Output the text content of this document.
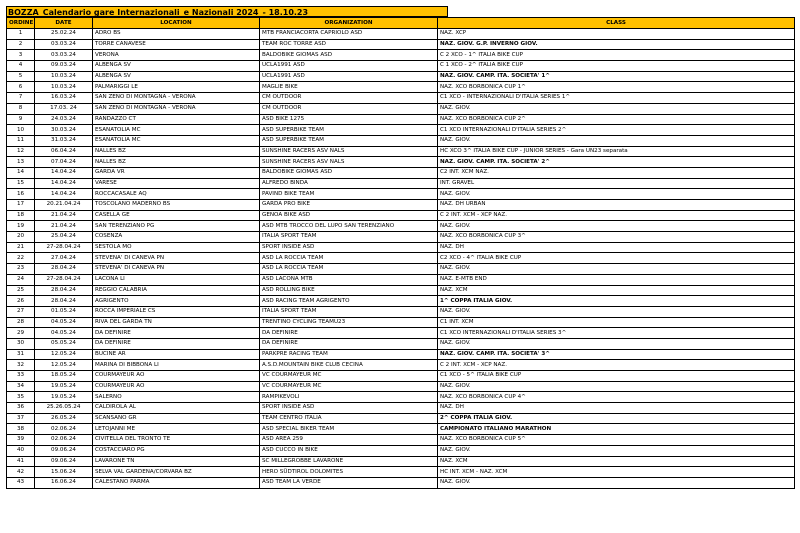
BOZZA Calendario gare Internazionali e Nazionali 2024 - 18.10.23
ORDINE	DATE	LOCATION	ORGANIZATION	CLASS
1	25.02.24	ADRO BS	MTB FRANCIACORTA CAPRIOLO ASD	NAZ. XCP
2	03.03.24	TORRE CANAVESE	TEAM ROC TORRE ASD	NAZ. GIOV. G.P. INVERNO GIOV.
3	03.03.24	VERONA	BALDOBIKE GIOMAS ASD	C 2 XCO - 1^ ITALIA BIKE CUP
4	09.03.24	ALBENGA SV	UCLA1991 ASD	C 1 XCO - 2^ ITALIA BIKE CUP
5	10.03.24	ALBENGA SV	UCLA1991 ASD	NAZ. GIOV. CAMP. ITA. SOCIETA' 1^
6	10.03.24	PALMARIGGI LE	MAGLIE BIKE	NAZ. XCO BORBONICA CUP 1^
7	16.03.24	SAN ZENO DI MONTAGNA - VERONA	CM OUTDOOR	C1 XCO - INTERNAZIONALI D'ITALIA SERIES 1^
8	17.03. 24	SAN ZENO DI MONTAGNA - VERONA	CM OUTDOOR	NAZ. GIOV.
9	24.03.24	RANDAZZO CT	ASD BIKE 1275	NAZ. XCO BORBONICA CUP 2^
10	30.03.24	ESANATOLIA MC	ASD SUPERBIKE TEAM	C1 XCO INTERNAZIONALI D'ITALIA SERIES 2^
11	31.03.24	ESANATOLIA MC	ASD SUPERBIKE TEAM	NAZ. GIOV.
12	06.04.24	NALLES BZ	SUNSHINE RACERS ASV NALS	HC XCO 3^ ITALIA BIKE CUP - JUNIOR SERIES - Gara UN23 separata
13	07.04.24	NALLES BZ	SUNSHINE RACERS ASV NALS	NAZ. GIOV. CAMP. ITA. SOCIETA' 2^
14	14.04.24	GARDA VR	BALDOBIKE GIOMAS ASD	C2 INT. XCM NAZ.
15	14.04.24	VARESE	ALFREDO BINDA	INT. GRAVEL
16	14.04.24	ROCCACASALE AQ	PAVIND BIKE TEAM	NAZ. GIOV.
17	20.21.04.24	TOSCOLANO MADERNO BS	GARDA PRO BIKE	NAZ. DH URBAN
18	21.04.24	CASELLA GE	GENOA BIKE ASD	C 2 INT. XCM - XCP NAZ.
19	21.04.24	SAN TERENZIANO PG	ASD MTB TROCCO DEL LUPO SAN TERENZIANO	NAZ. GIOV.
20	25.04.24	COSENZA	ITALIA SPORT TEAM	NAZ. XCO BORBONICA CUP 3^
21	27-28.04.24	SESTOLA MO	SPORT INSIDE ASD	NAZ. DH
22	27.04.24	STEVENA' DI CANEVA PN	ASD LA ROCCIA TEAM	C2 XCO - 4^ ITALIA BIKE CUP
23	28.04.24	STEVENA' DI CANEVA PN	ASD LA ROCCIA TEAM	NAZ. GIOV.
24	27-28.04.24	LACONA LI	ASD LACONA MTB	NAZ. E-MTB END
25	28.04.24	REGGIO CALABRIA	ASD ROLLING BIKE	NAZ. XCM
26	28.04.24	AGRIGENTO	ASD RACING TEAM AGRIGENTO	1^ COPPA ITALIA GIOV.
27	01.05.24	ROCCA IMPERIALE CS	ITALIA SPORT TEAM	NAZ. GIOV.
28	04.05.24	RIVA DEL GARDA TN	TRENTINO CYCLING TEAMU23	C1 INT. XCM
29	04.05.24	DA DEFINIRE	DA DEFINIRE	C1 XCO INTERNAZIONALI D'ITALIA SERIES 3^
30	05.05.24	DA DEFINIRE	DA DEFINIRE	NAZ. GIOV.
31	12.05.24	BUCINE AR	PARKPRE RACING TEAM	NAZ. GIOV. CAMP. ITA. SOCIETA' 3^
32	12.05.24	MARINA DI BIBBONA LI	A.S.D.MOUNTAIN BIKE CLUB CECINA	C 2 INT. XCM - XCP NAZ.
33	18.05.24	COURMAYEUR AO	VC COURMAYEUR MC	C1 XCO - 5^ ITALIA BIKE CUP
34	19.05.24	COURMAYEUR AO	VC COURMAYEUR MC	NAZ. GIOV.
35	19.05.24	SALERNO	RAMPIKEVOLI	NAZ. XCO BORBONICA CUP 4^
36	25.26.05.24	CALDIROLA AL	SPORT INSIDE ASD	NAZ. DH
37	26.05.24	SCANSANO GR	TEAM CENTRO ITALIA	2^ COPPA ITALIA GIOV.
38	02.06.24	LETOJANNI ME	ASD SPECIAL BIKER TEAM	CAMPIONATO ITALIANO MARATHON
39	02.06.24	CIVITELLA DEL TRONTO TE	ASD AREA 259	NAZ. XCO BORBONICA CUP 5^
40	09.06.24	COSTACCIARO PG	ASD CUCCO IN BIKE	NAZ. GIOV.
41	09.06.24	LAVARONE TN	SC MILLEGROBBE LAVARONE	NAZ. XCM
42	15.06.24	SELVA VAL GARDENA/CORVARA BZ	HERO SÜDTIROL DOLOMITES	HC INT. XCM - NAZ. XCM
43	16.06.24	CALESTANO PARMA	ASD TEAM LA VERDE	NAZ. GIOV.
